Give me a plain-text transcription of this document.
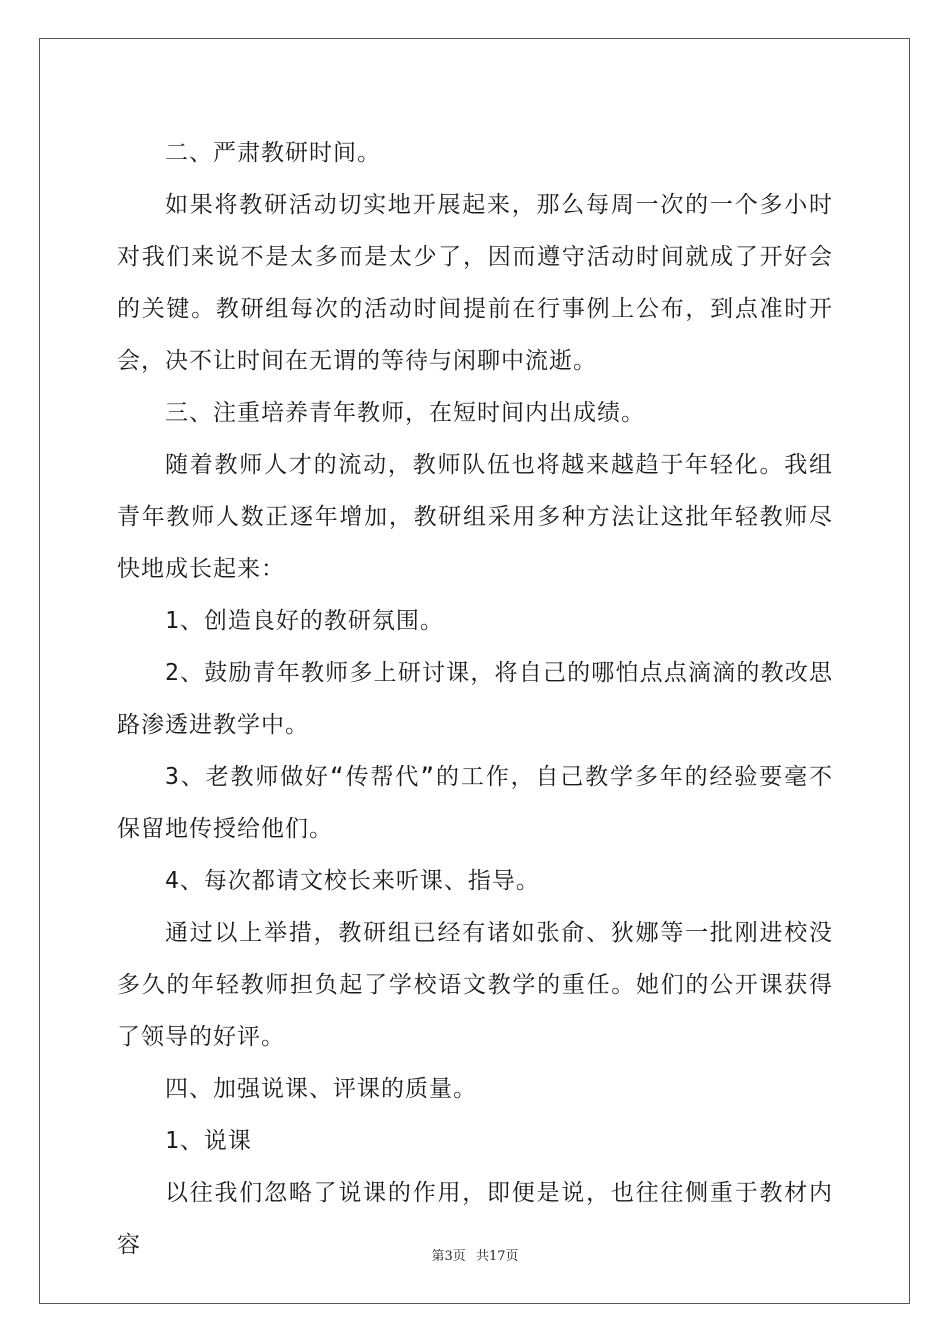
二、严肃教研时间。

如果将教研活动切实地开展起来，那么每周一次的一个多小时对我们来说不是太多而是太少了，因而遵守活动时间就成了开好会的关键。教研组每次的活动时间提前在行事例上公布，到点准时开会，决不让时间在无谓的等待与闲聊中流逝。

三、注重培养青年教师，在短时间内出成绩。

随着教师人才的流动，教师队伍也将越来越趋于年轻化。我组青年教师人数正逐年增加，教研组采用多种方法让这批年轻教师尽快地成长起来：

1、创造良好的教研氛围。

2、鼓励青年教师多上研讨课，将自己的哪怕点点滴滴的教改思路渗透进教学中。

3、老教师做好“传帮代”的工作，自己教学多年的经验要毫不保留地传授给他们。

4、每次都请文校长来听课、指导。

通过以上举措，教研组已经有诸如张俞、狄娜等一批刚进校没多久的年轻教师担负起了学校语文教学的重任。她们的公开课获得了领导的好评。

四、加强说课、评课的质量。

1、说课

以往我们忽略了说课的作用，即便是说，也往往侧重于教材内容	第3页 共17页
